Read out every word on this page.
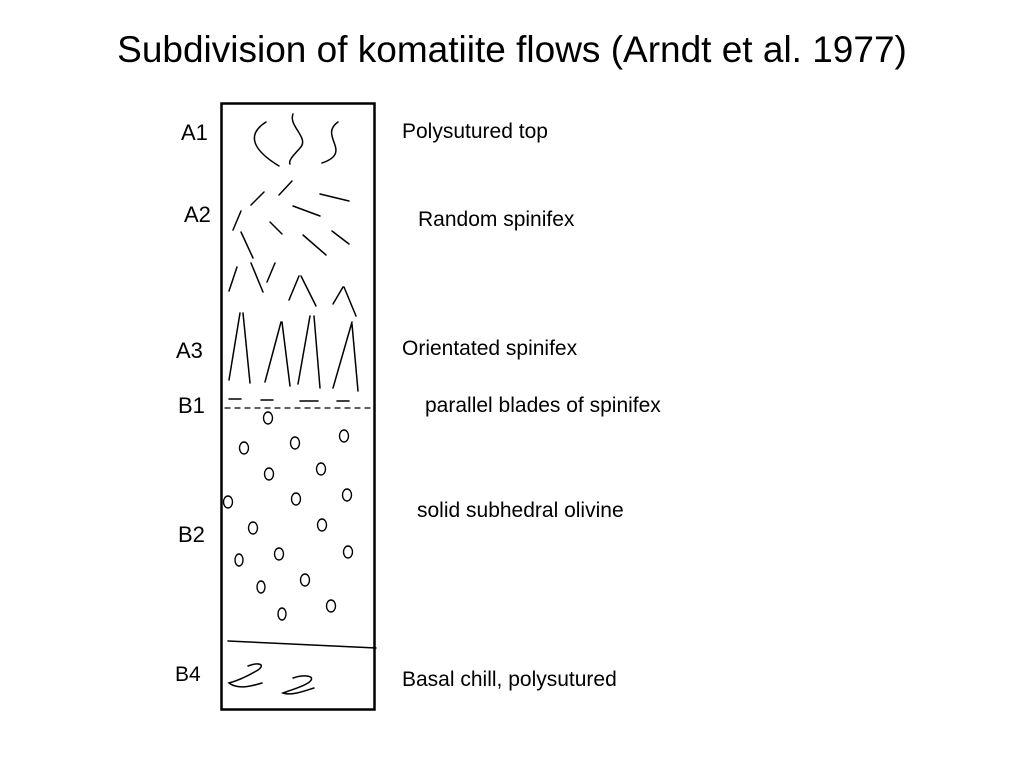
Subdivision of komatiite flows (Arndt et al. 1977)
A1
A2
A3
B1
B2
B4
Polysutured top
Random spinifex
Orientated spinifex
parallel blades of spinifex
solid subhedral olivine
Basal chill, polysutured
